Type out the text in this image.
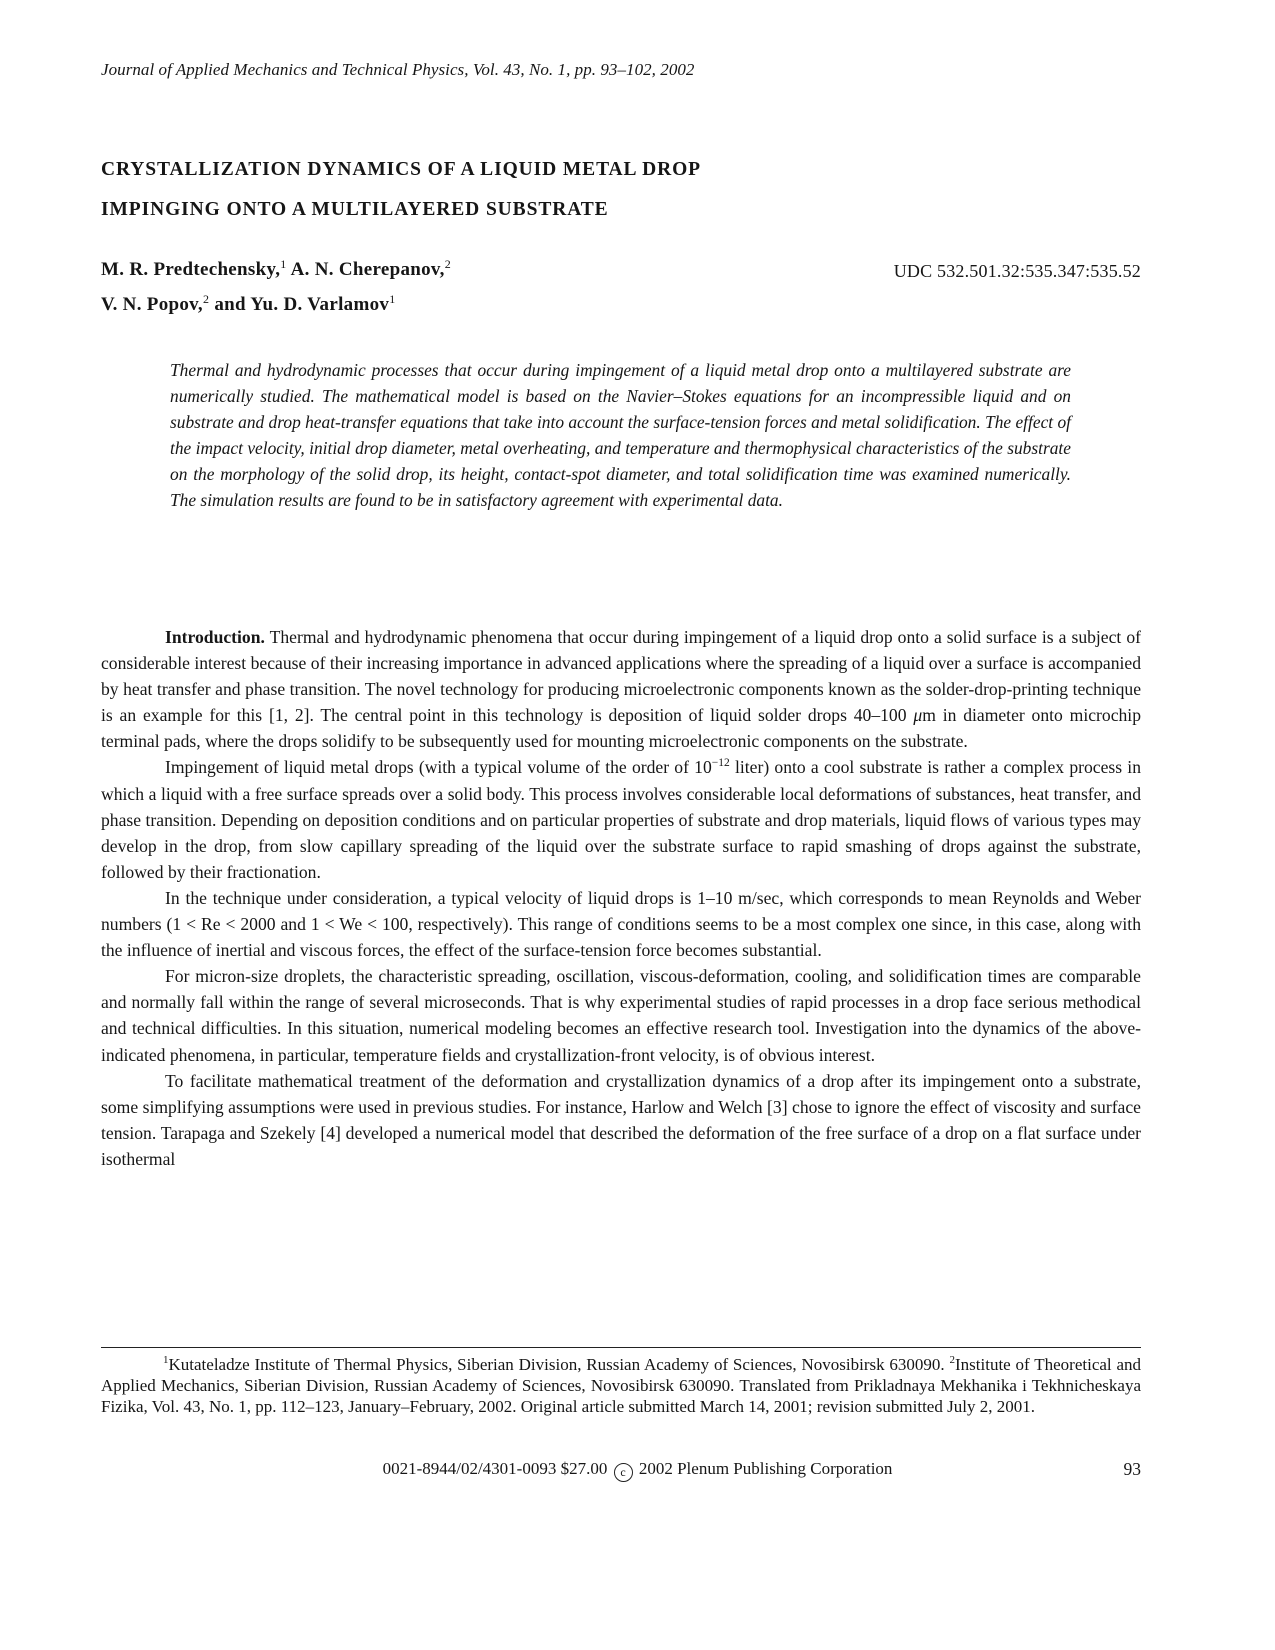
Journal of Applied Mechanics and Technical Physics, Vol. 43, No. 1, pp. 93–102, 2002
CRYSTALLIZATION DYNAMICS OF A LIQUID METAL DROP
IMPINGING ONTO A MULTILAYERED SUBSTRATE
M. R. Predtechensky,$^1$ A. N. Cherepanov,$^2$
V. N. Popov,$^2$ and Yu. D. Varlamov$^1$
UDC 532.501.32:535.347:535.52
Thermal and hydrodynamic processes that occur during impingement of a liquid metal drop onto a multilayered substrate are numerically studied. The mathematical model is based on the Navier–Stokes equations for an incompressible liquid and on substrate and drop heat-transfer equations that take into account the surface-tension forces and metal solidification. The effect of the impact velocity, initial drop diameter, metal overheating, and temperature and thermophysical characteristics of the substrate on the morphology of the solid drop, its height, contact-spot diameter, and total solidification time was examined numerically. The simulation results are found to be in satisfactory agreement with experimental data.

Introduction. Thermal and hydrodynamic phenomena that occur during impingement of a liquid drop onto a solid surface is a subject of considerable interest because of their increasing importance in advanced applications where the spreading of a liquid over a surface is accompanied by heat transfer and phase transition. The novel technology for producing microelectronic components known as the solder-drop-printing technique is an example for this [1, 2]. The central point in this technology is deposition of liquid solder drops 40–100 μm in diameter onto microchip terminal pads, where the drops solidify to be subsequently used for mounting microelectronic components on the substrate.

Impingement of liquid metal drops (with a typical volume of the order of $10^{-12}$ liter) onto a cool substrate is rather a complex process in which a liquid with a free surface spreads over a solid body. This process involves considerable local deformations of substances, heat transfer, and phase transition. Depending on deposition conditions and on particular properties of substrate and drop materials, liquid flows of various types may develop in the drop, from slow capillary spreading of the liquid over the substrate surface to rapid smashing of drops against the substrate, followed by their fractionation.

In the technique under consideration, a typical velocity of liquid drops is 1–10 m/sec, which corresponds to mean Reynolds and Weber numbers (1 < Re < 2000 and 1 < We < 100, respectively). This range of conditions seems to be a most complex one since, in this case, along with the influence of inertial and viscous forces, the effect of the surface-tension force becomes substantial.

For micron-size droplets, the characteristic spreading, oscillation, viscous-deformation, cooling, and solidification times are comparable and normally fall within the range of several microseconds. That is why experimental studies of rapid processes in a drop face serious methodical and technical difficulties. In this situation, numerical modeling becomes an effective research tool. Investigation into the dynamics of the above-indicated phenomena, in particular, temperature fields and crystallization-front velocity, is of obvious interest.

To facilitate mathematical treatment of the deformation and crystallization dynamics of a drop after its impingement onto a substrate, some simplifying assumptions were used in previous studies. For instance, Harlow and Welch [3] chose to ignore the effect of viscosity and surface tension. Tarapaga and Szekely [4] developed a numerical model that described the deformation of the free surface of a drop on a flat surface under isothermal

$^1$Kutateladze Institute of Thermal Physics, Siberian Division, Russian Academy of Sciences, Novosibirsk 630090. $^2$Institute of Theoretical and Applied Mechanics, Siberian Division, Russian Academy of Sciences, Novosibirsk 630090. Translated from Prikladnaya Mekhanika i Tekhnicheskaya Fizika, Vol. 43, No. 1, pp. 112–123, January–February, 2002. Original article submitted March 14, 2001; revision submitted July 2, 2001.
0021-8944/02/4301-0093 $27.00 c 2002 Plenum Publishing Corporation	93
